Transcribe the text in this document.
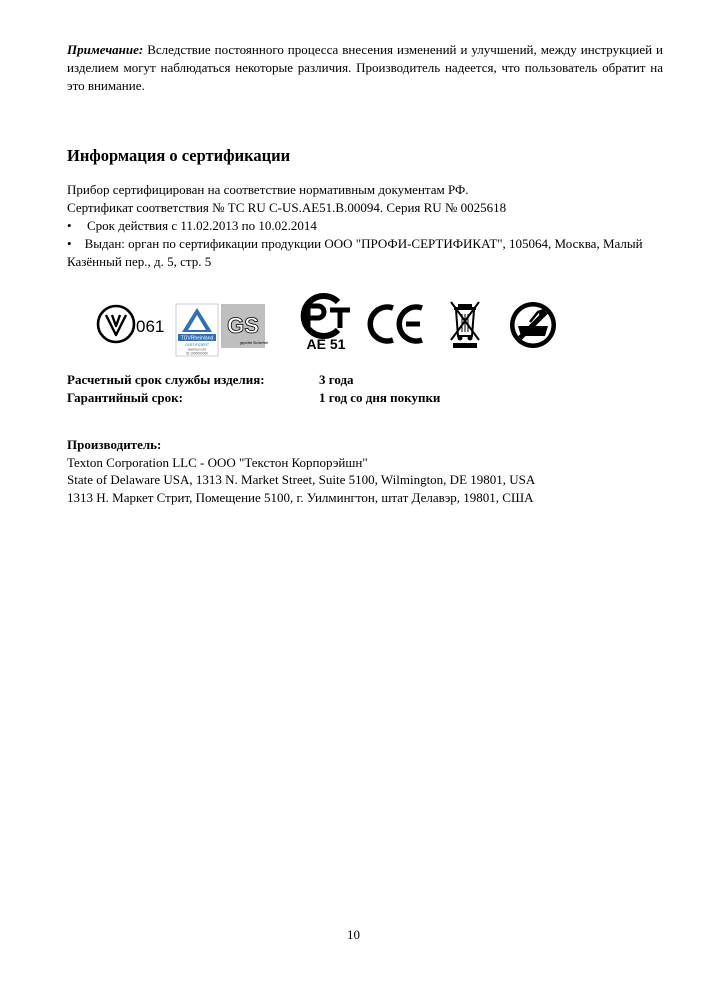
Примечание: Вследствие постоянного процесса внесения изменений и улучшений, между инструкцией и изделием могут наблюдаться некоторые различия. Производитель надеется, что пользователь обратит на это внимание.
Информация о сертификации

Прибор сертифицирован на соответствие нормативным документам РФ.

Сертификат соответствия № ТС RU С-US.АЕ51.В.00094. Серия RU № 0025618

• Срок действия с 11.02.2013 по 10.02.2014

• Выдан: орган по сертификации продукции ООО "ПРОФИ-СЕРТИФИКАТ", 105064, Москва, Малый Казённый пер., д. 5, стр. 5

061
TÜVRheinland
CERTIFIZIERT
www.tuv.com
ID 1000000000
GS
geprüfte Sicherheit	AE 51
Расчетный срок службы изделия:	3 года
Гарантийный срок:	1 год со дня покупки

Производитель:

Texton Corporation LLC - ООО "Текстон Корпорэйшн"

State of Delaware USA, 1313 N. Market Street, Suite 5100, Wilmington, DE 19801, USA

1313 Н. Маркет Стрит, Помещение 5100, г. Уилмингтон, штат Делавэр, 19801, США

10
